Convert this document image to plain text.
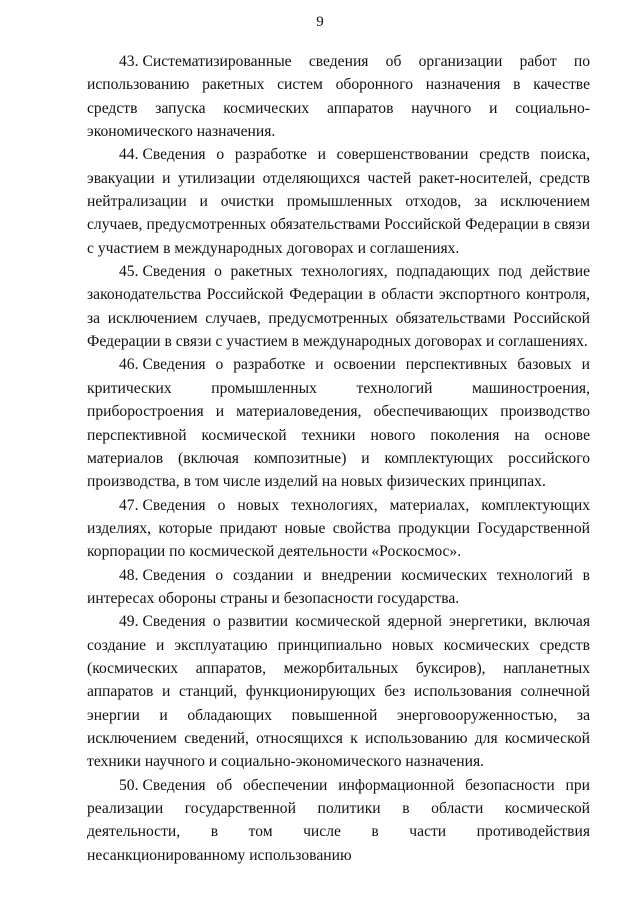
9

43. Систематизированные сведения об организации работ по использованию ракетных систем оборонного назначения в качестве средств запуска космических аппаратов научного и социально-экономического назначения.

44. Сведения о разработке и совершенствовании средств поиска, эвакуации и утилизации отделяющихся частей ракет-носителей, средств нейтрализации и очистки промышленных отходов, за исключением случаев, предусмотренных обязательствами Российской Федерации в связи с участием в международных договорах и соглашениях.

45. Сведения о ракетных технологиях, подпадающих под действие законодательства Российской Федерации в области экспортного контроля, за исключением случаев, предусмотренных обязательствами Российской Федерации в связи с участием в международных договорах и соглашениях.

46. Сведения о разработке и освоении перспективных базовых и критических промышленных технологий машиностроения, приборостроения и материаловедения, обеспечивающих производство перспективной космической техники нового поколения на основе материалов (включая композитные) и комплектующих российского производства, в том числе изделий на новых физических принципах.

47. Сведения о новых технологиях, материалах, комплектующих изделиях, которые придают новые свойства продукции Государственной корпорации по космической деятельности «Роскосмос».

48. Сведения о создании и внедрении космических технологий в интересах обороны страны и безопасности государства.

49. Сведения о развитии космической ядерной энергетики, включая создание и эксплуатацию принципиально новых космических средств (космических аппаратов, межорбитальных буксиров), напланетных аппаратов и станций, функционирующих без использования солнечной энергии и обладающих повышенной энерговооруженностью, за исключением сведений, относящихся к использованию для космической техники научного и социально-экономического назначения.

50. Сведения об обеспечении информационной безопасности при реализации государственной политики в области космической деятельности, в том числе в части противодействия несанкционированному использованию
